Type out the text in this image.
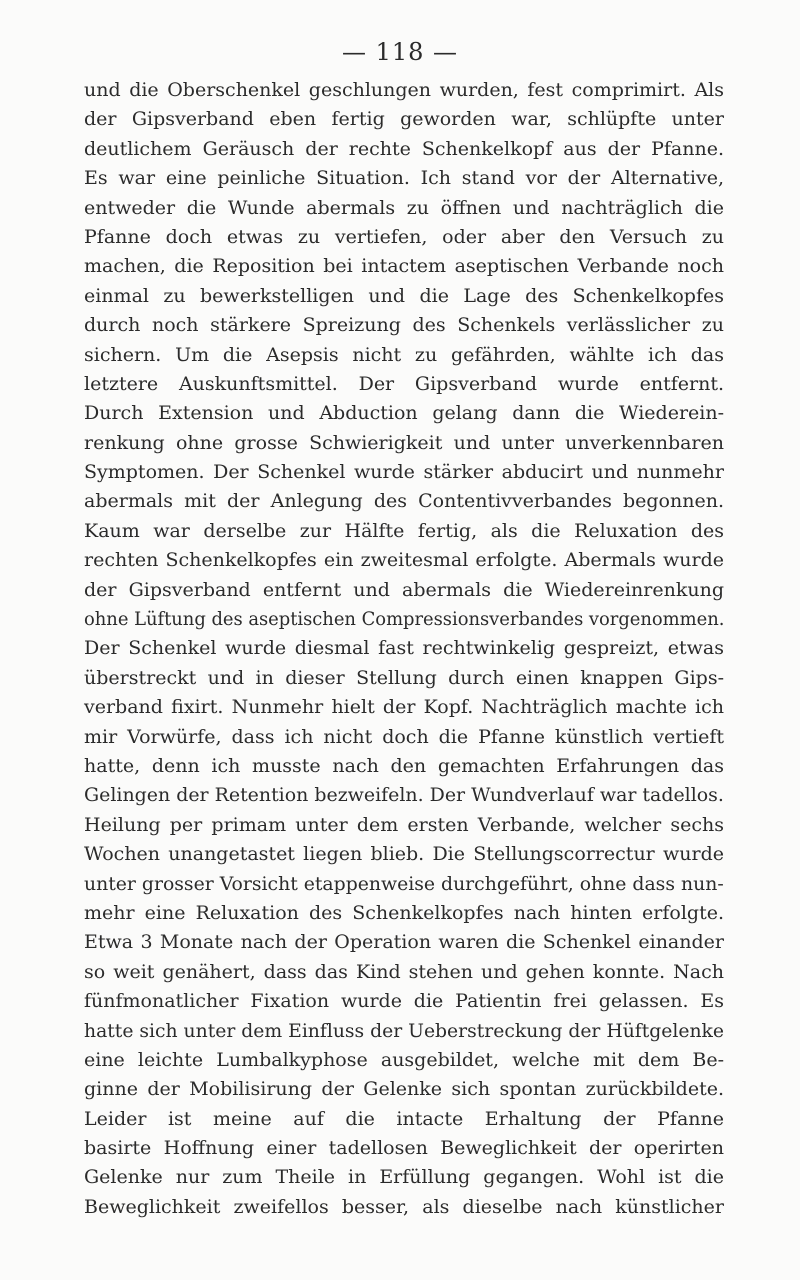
— 118 —
und die Oberschenkel geschlungen wurden, fest comprimirt. Als
der Gipsverband eben fertig geworden war, schlüpfte unter
deutlichem Geräusch der rechte Schenkelkopf aus der Pfanne.
Es war eine peinliche Situation. Ich stand vor der Alternative,
entweder die Wunde abermals zu öffnen und nachträglich die
Pfanne doch etwas zu vertiefen, oder aber den Versuch zu
machen, die Reposition bei intactem aseptischen Verbande noch
einmal zu bewerkstelligen und die Lage des Schenkelkopfes
durch noch stärkere Spreizung des Schenkels verlässlicher zu
sichern. Um die Asepsis nicht zu gefährden, wählte ich das
letztere Auskunftsmittel. Der Gipsverband wurde entfernt.
Durch Extension und Abduction gelang dann die Wiederein-
renkung ohne grosse Schwierigkeit und unter unverkennbaren
Symptomen. Der Schenkel wurde stärker abducirt und nunmehr
abermals mit der Anlegung des Contentivverbandes begonnen.
Kaum war derselbe zur Hälfte fertig, als die Reluxation des
rechten Schenkelkopfes ein zweitesmal erfolgte. Abermals wurde
der Gipsverband entfernt und abermals die Wiedereinrenkung
ohne Lüftung des aseptischen Compressionsverbandes vorgenommen.
Der Schenkel wurde diesmal fast rechtwinkelig gespreizt, etwas
überstreckt und in dieser Stellung durch einen knappen Gips-
verband fixirt. Nunmehr hielt der Kopf. Nachträglich machte ich
mir Vorwürfe, dass ich nicht doch die Pfanne künstlich vertieft
hatte, denn ich musste nach den gemachten Erfahrungen das
Gelingen der Retention bezweifeln. Der Wundverlauf war tadellos.
Heilung per primam unter dem ersten Verbande, welcher sechs
Wochen unangetastet liegen blieb. Die Stellungscorrectur wurde
unter grosser Vorsicht etappenweise durchgeführt, ohne dass nun-
mehr eine Reluxation des Schenkelkopfes nach hinten erfolgte.
Etwa 3 Monate nach der Operation waren die Schenkel einander
so weit genähert, dass das Kind stehen und gehen konnte. Nach
fünfmonatlicher Fixation wurde die Patientin frei gelassen. Es
hatte sich unter dem Einfluss der Ueberstreckung der Hüftgelenke
eine leichte Lumbalkyphose ausgebildet, welche mit dem Be-
ginne der Mobilisirung der Gelenke sich spontan zurückbildete.
Leider ist meine auf die intacte Erhaltung der Pfanne
basirte Hoffnung einer tadellosen Beweglichkeit der operirten
Gelenke nur zum Theile in Erfüllung gegangen. Wohl ist die
Beweglichkeit zweifellos besser, als dieselbe nach künstlicher
